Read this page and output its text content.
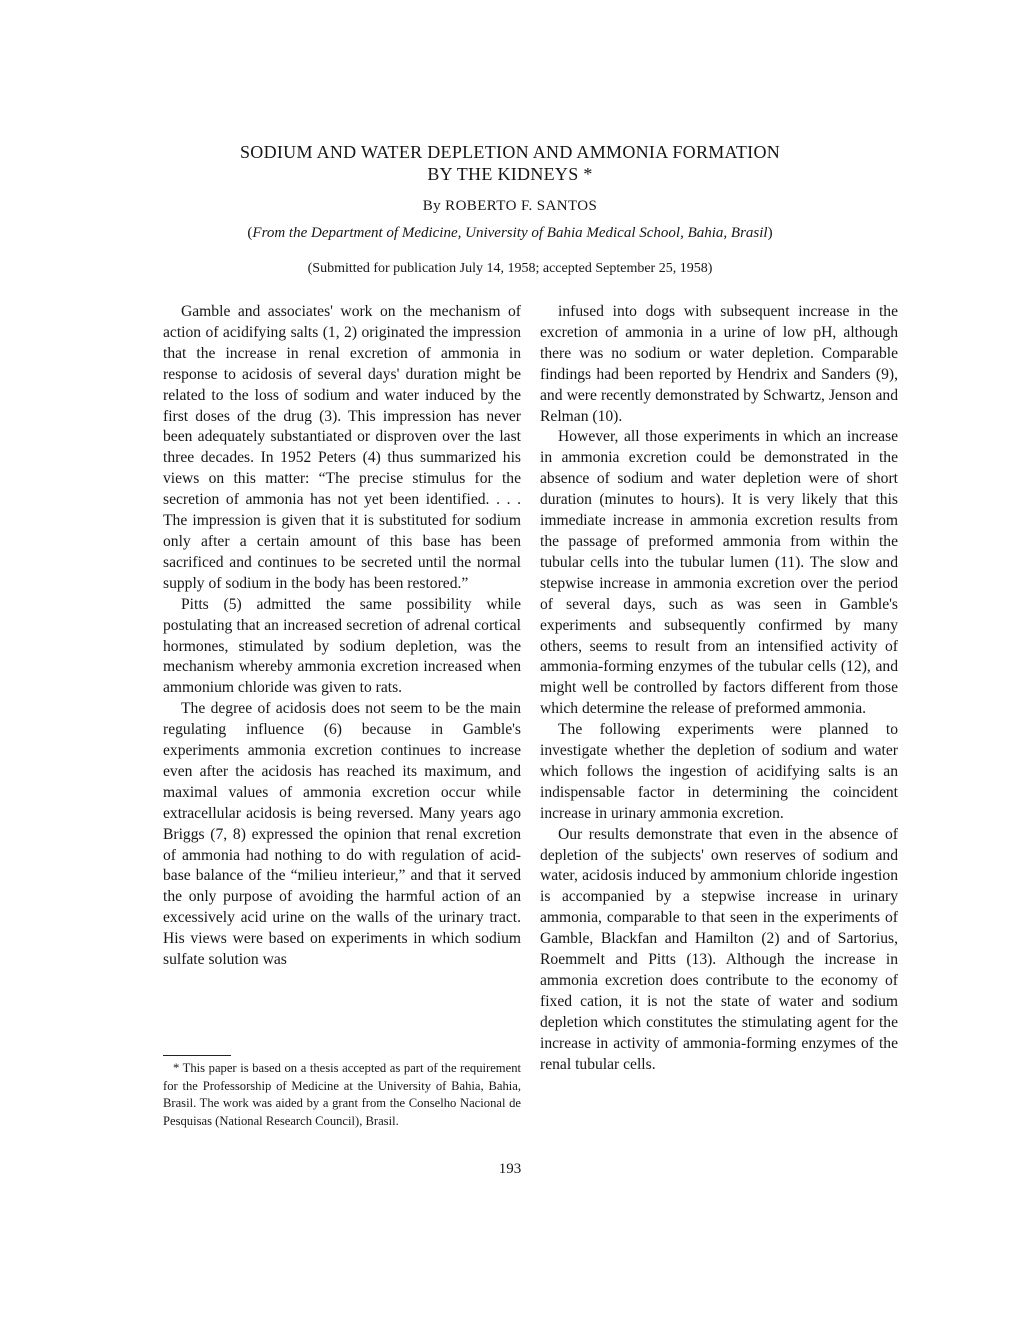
SODIUM AND WATER DEPLETION AND AMMONIA FORMATION
BY THE KIDNEYS *
By ROBERTO F. SANTOS
(From the Department of Medicine, University of Bahia Medical School, Bahia, Brasil)
(Submitted for publication July 14, 1958; accepted September 25, 1958)

Gamble and associates' work on the mechanism of action of acidifying salts (1, 2) originated the impression that the increase in renal excretion of ammonia in response to acidosis of several days' duration might be related to the loss of sodium and water induced by the first doses of the drug (3). This impression has never been adequately substantiated or disproven over the last three decades. In 1952 Peters (4) thus summarized his views on this matter: “The precise stimulus for the secretion of ammonia has not yet been identified. . . . The impression is given that it is substituted for sodium only after a certain amount of this base has been sacrificed and continues to be secreted until the normal supply of sodium in the body has been restored.”

Pitts (5) admitted the same possibility while postulating that an increased secretion of adrenal cortical hormones, stimulated by sodium depletion, was the mechanism whereby ammonia excretion increased when ammonium chloride was given to rats.

The degree of acidosis does not seem to be the main regulating influence (6) because in Gamble's experiments ammonia excretion continues to increase even after the acidosis has reached its maximum, and maximal values of ammonia excretion occur while extracellular acidosis is being reversed. Many years ago Briggs (7, 8) expressed the opinion that renal excretion of ammonia had nothing to do with regulation of acid-base balance of the “milieu interieur,” and that it served the only purpose of avoiding the harmful action of an excessively acid urine on the walls of the urinary tract. His views were based on experiments in which sodium sulfate solution was

infused into dogs with subsequent increase in the excretion of ammonia in a urine of low pH, although there was no sodium or water depletion. Comparable findings had been reported by Hendrix and Sanders (9), and were recently demonstrated by Schwartz, Jenson and Relman (10).

However, all those experiments in which an increase in ammonia excretion could be demonstrated in the absence of sodium and water depletion were of short duration (minutes to hours). It is very likely that this immediate increase in ammonia excretion results from the passage of preformed ammonia from within the tubular cells into the tubular lumen (11). The slow and stepwise increase in ammonia excretion over the period of several days, such as was seen in Gamble's experiments and subsequently confirmed by many others, seems to result from an intensified activity of ammonia-forming enzymes of the tubular cells (12), and might well be controlled by factors different from those which determine the release of preformed ammonia.

The following experiments were planned to investigate whether the depletion of sodium and water which follows the ingestion of acidifying salts is an indispensable factor in determining the coincident increase in urinary ammonia excretion.

Our results demonstrate that even in the absence of depletion of the subjects' own reserves of sodium and water, acidosis induced by ammonium chloride ingestion is accompanied by a stepwise increase in urinary ammonia, comparable to that seen in the experiments of Gamble, Blackfan and Hamilton (2) and of Sartorius, Roemmelt and Pitts (13). Although the increase in ammonia excretion does contribute to the economy of fixed cation, it is not the state of water and sodium depletion which constitutes the stimulating agent for the increase in activity of ammonia-forming enzymes of the renal tubular cells.

* This paper is based on a thesis accepted as part of the requirement for the Professorship of Medicine at the University of Bahia, Bahia, Brasil. The work was aided by a grant from the Conselho Nacional de Pesquisas (National Research Council), Brasil.

193
